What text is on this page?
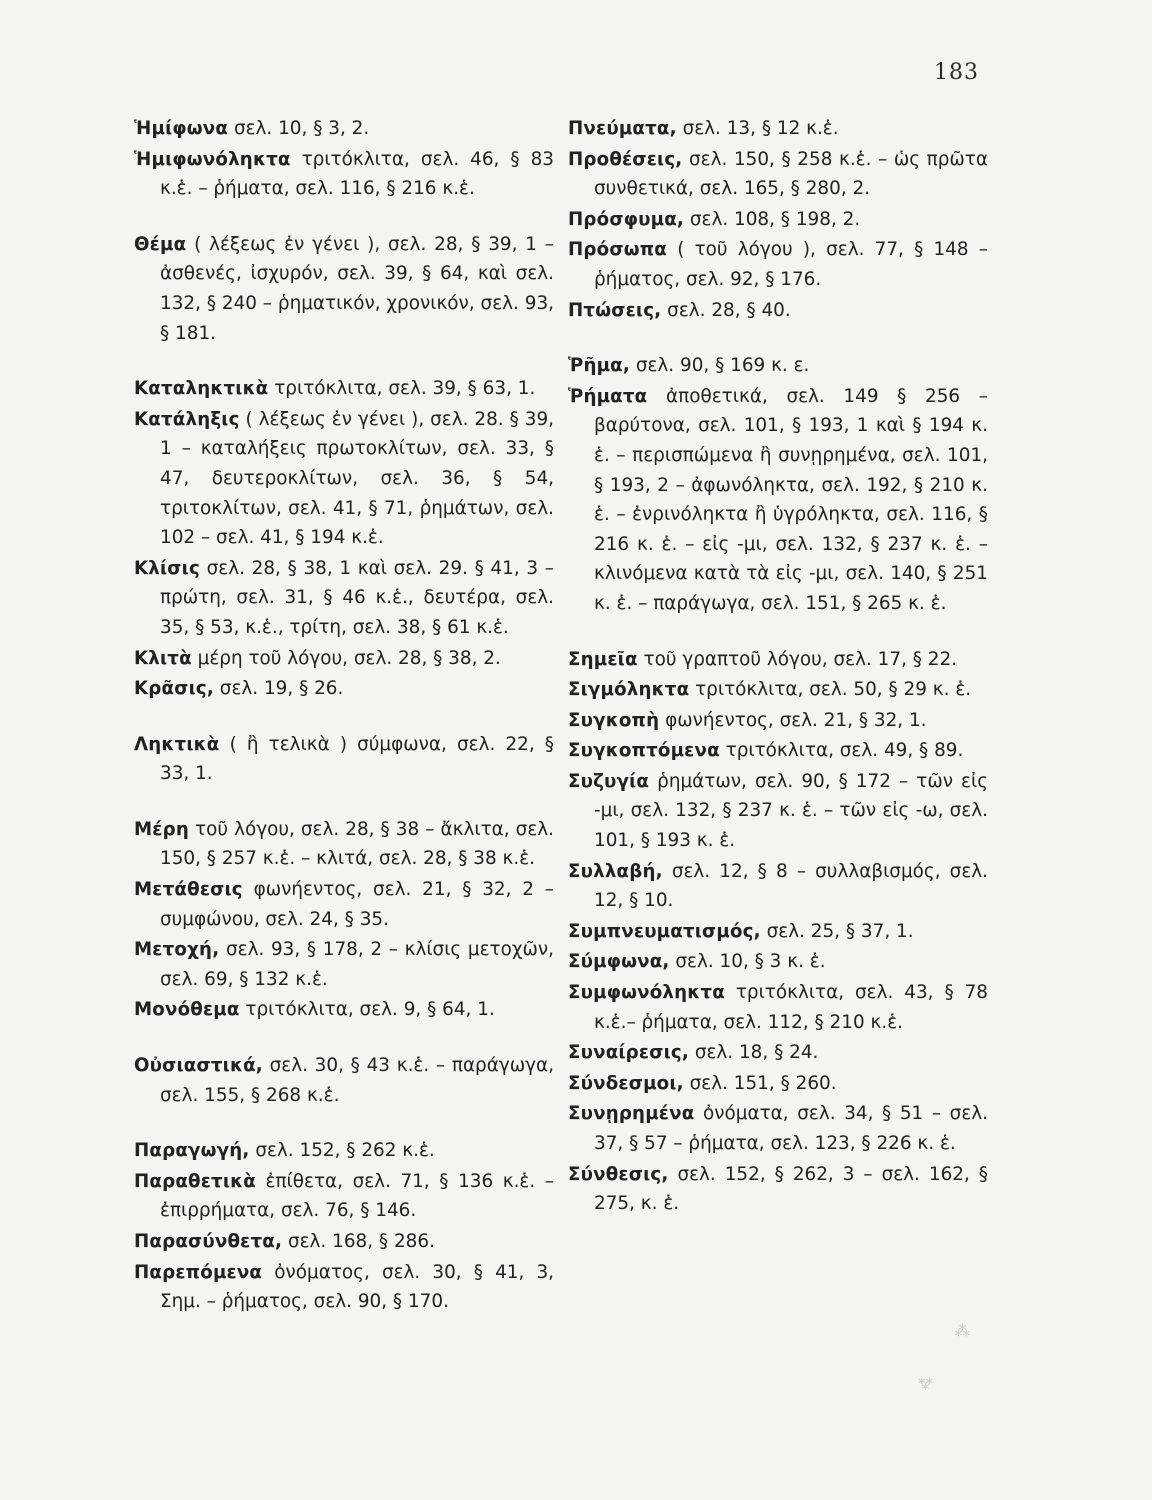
183

Ἡμίφωνα σελ. 10, § 3, 2.

Ἡμιφωνόληκτα τριτόκλιτα, σελ. 46, § 83 κ.ἑ. – ῥήματα, σελ. 116, § 216 κ.ἑ.

Θέμα ( λέξεως ἐν γένει ), σελ. 28, § 39, 1 – ἀσθενές, ἰσχυρόν, σελ. 39, § 64, καὶ σελ. 132, § 240 – ῥηματικόν, χρονικόν, σελ. 93, § 181.

Καταληκτικὰ τριτόκλιτα, σελ. 39, § 63, 1.

Κατάληξις ( λέξεως ἐν γένει ), σελ. 28. § 39, 1 – καταλήξεις πρωτοκλίτων, σελ. 33, § 47, δευτεροκλίτων, σελ. 36, § 54, τριτοκλίτων, σελ. 41, § 71, ῥημάτων, σελ. 102 – σελ. 41, § 194 κ.ἑ.

Κλίσις σελ. 28, § 38, 1 καὶ σελ. 29. § 41, 3 – πρώτη, σελ. 31, § 46 κ.ἑ., δευτέρα, σελ. 35, § 53, κ.ἑ., τρίτη, σελ. 38, § 61 κ.ἑ.

Κλιτὰ μέρη τοῦ λόγου, σελ. 28, § 38, 2.

Κρᾶσις, σελ. 19, § 26.

Ληκτικὰ ( ἢ τελικὰ ) σύμφωνα, σελ. 22, § 33, 1.

Μέρη τοῦ λόγου, σελ. 28, § 38 – ἄκλιτα, σελ. 150, § 257 κ.ἑ. – κλιτά, σελ. 28, § 38 κ.ἑ.

Μετάθεσις φωνήεντος, σελ. 21, § 32, 2 – συμφώνου, σελ. 24, § 35.

Μετοχή, σελ. 93, § 178, 2 – κλίσις μετοχῶν, σελ. 69, § 132 κ.ἑ.

Μονόθεμα τριτόκλιτα, σελ. 9, § 64, 1.

Οὐσιαστικά, σελ. 30, § 43 κ.ἑ. – παράγωγα, σελ. 155, § 268 κ.ἑ.

Παραγωγή, σελ. 152, § 262 κ.ἑ.

Παραθετικὰ ἐπίθετα, σελ. 71, § 136 κ.ἑ. – ἐπιρρήματα, σελ. 76, § 146.

Παρασύνθετα, σελ. 168, § 286.

Παρεπόμενα ὀνόματος, σελ. 30, § 41, 3, Σημ. – ῥήματος, σελ. 90, § 170.

Πνεύματα, σελ. 13, § 12 κ.ἑ.

Προθέσεις, σελ. 150, § 258 κ.ἑ. – ὡς πρῶτα συνθετικά, σελ. 165, § 280, 2.

Πρόσφυμα, σελ. 108, § 198, 2.

Πρόσωπα ( τοῦ λόγου ), σελ. 77, § 148 – ῥήματος, σελ. 92, § 176.

Πτώσεις, σελ. 28, § 40.

Ῥῆμα, σελ. 90, § 169 κ. ε.

Ῥήματα ἀποθετικά, σελ. 149 § 256 – βαρύτονα, σελ. 101, § 193, 1 καὶ § 194 κ. ἑ. – περισπώμενα ἢ συνῃρημένα, σελ. 101, § 193, 2 – ἀφωνόληκτα, σελ. 192, § 210 κ. ἑ. – ἐνρινόληκτα ἢ ὑγρόληκτα, σελ. 116, § 216 κ. ἑ. – εἰς -μι, σελ. 132, § 237 κ. ἑ. – κλινόμενα κατὰ τὰ εἰς -μι, σελ. 140, § 251 κ. ἑ. – παράγωγα, σελ. 151, § 265 κ. ἑ.

Σημεῖα τοῦ γραπτοῦ λόγου, σελ. 17, § 22.

Σιγμόληκτα τριτόκλιτα, σελ. 50, § 29 κ. ἑ.

Συγκοπὴ φωνήεντος, σελ. 21, § 32, 1.

Συγκοπτόμενα τριτόκλιτα, σελ. 49, § 89.

Συζυγία ῥημάτων, σελ. 90, § 172 – τῶν εἰς -μι, σελ. 132, § 237 κ. ἑ. – τῶν εἰς -ω, σελ. 101, § 193 κ. ἑ.

Συλλαβή, σελ. 12, § 8 – συλλαβισμός, σελ. 12, § 10.

Συμπνευματισμός, σελ. 25, § 37, 1.

Σύμφωνα, σελ. 10, § 3 κ. ἑ.

Συμφωνόληκτα τριτόκλιτα, σελ. 43, § 78 κ.ἑ.– ῥήματα, σελ. 112, § 210 κ.ἑ.

Συναίρεσις, σελ. 18, § 24.

Σύνδεσμοι, σελ. 151, § 260.

Συνῃρημένα ὀνόματα, σελ. 34, § 51 – σελ. 37, § 57 – ῥήματα, σελ. 123, § 226 κ. ἑ.

Σύνθεσις, σελ. 152, § 262, 3 – σελ. 162, § 275, κ. ἑ.

⁂
⁂
